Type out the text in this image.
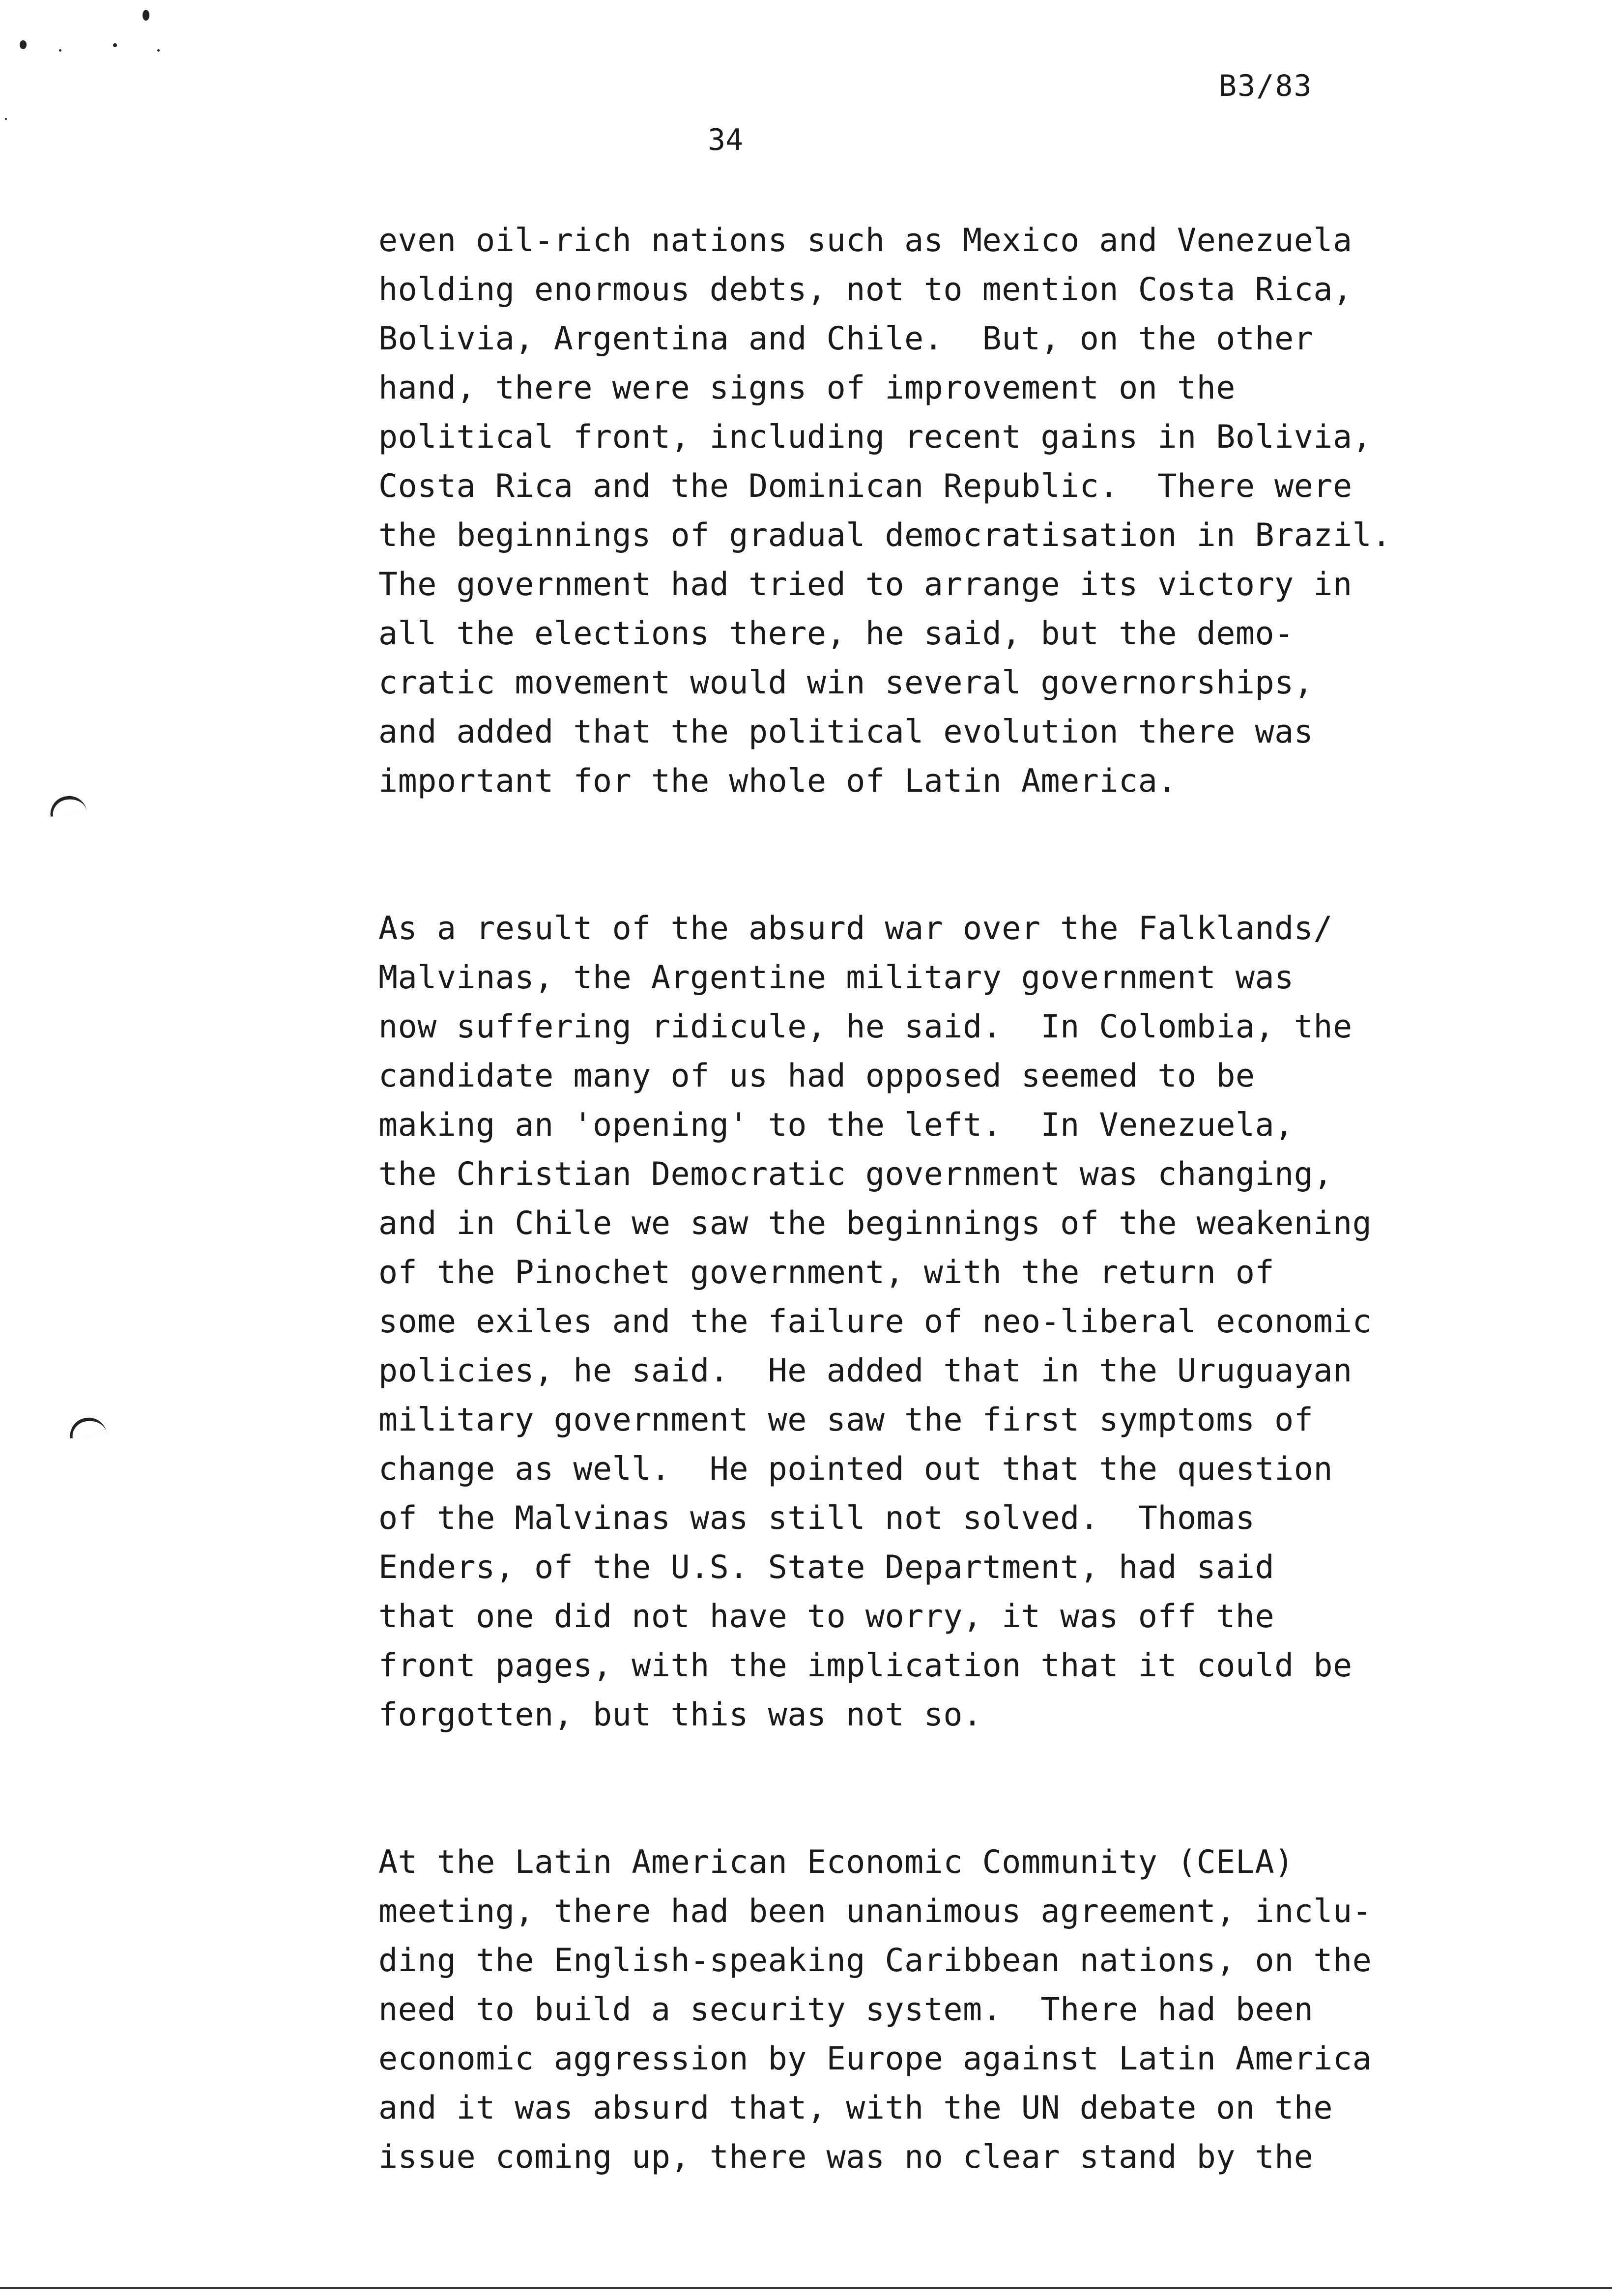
B3/83
34
even oil-rich nations such as Mexico and Venezuela
holding enormous debts, not to mention Costa Rica,
Bolivia, Argentina and Chile.  But, on the other
hand, there were signs of improvement on the
political front, including recent gains in Bolivia,
Costa Rica and the Dominican Republic.  There were
the beginnings of gradual democratisation in Brazil.
The government had tried to arrange its victory in
all the elections there, he said, but the demo-
cratic movement would win several governorships,
and added that the political evolution there was
important for the whole of Latin America.
As a result of the absurd war over the Falklands/
Malvinas, the Argentine military government was
now suffering ridicule, he said.  In Colombia, the
candidate many of us had opposed seemed to be
making an 'opening' to the left.  In Venezuela,
the Christian Democratic government was changing,
and in Chile we saw the beginnings of the weakening
of the Pinochet government, with the return of
some exiles and the failure of neo-liberal economic
policies, he said.  He added that in the Uruguayan
military government we saw the first symptoms of
change as well.  He pointed out that the question
of the Malvinas was still not solved.  Thomas
Enders, of the U.S. State Department, had said
that one did not have to worry, it was off the
front pages, with the implication that it could be
forgotten, but this was not so.
At the Latin American Economic Community (CELA)
meeting, there had been unanimous agreement, inclu-
ding the English-speaking Caribbean nations, on the
need to build a security system.  There had been
economic aggression by Europe against Latin America
and it was absurd that, with the UN debate on the
issue coming up, there was no clear stand by the
